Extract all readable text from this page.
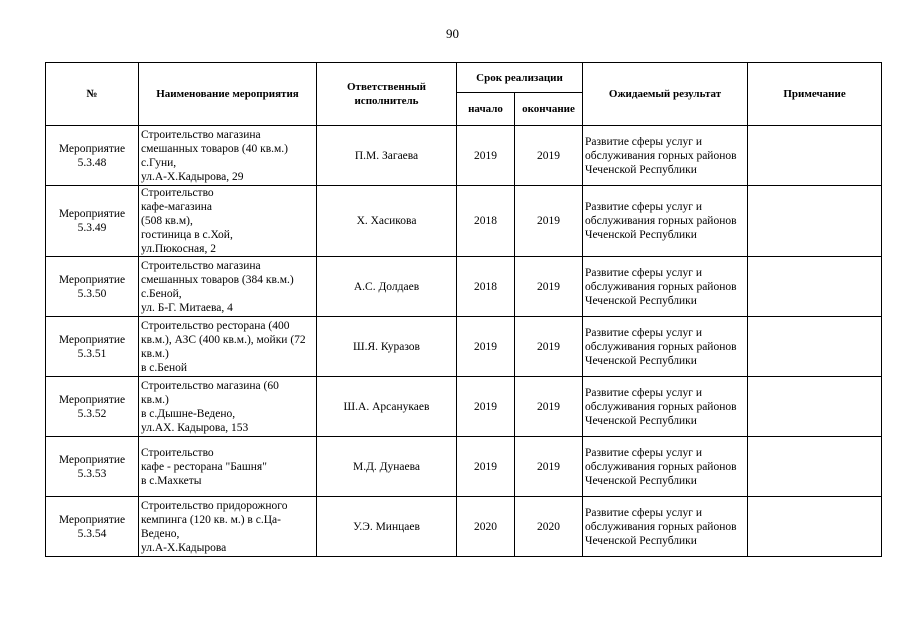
90
№	Наименование мероприятия	Ответственный
исполнитель	Срок реализации		Ожидаемый результат	Примечание
			начало	окончание		

Мероприятие
5.3.48	Строительство магазина
смешанных товаров (40 кв.м.)
с.Гуни,
ул.А-Х.Кадырова, 29	П.М. Загаева	2019	2019	Развитие сферы услуг и
обслуживания горных районов
Чеченской Республики	

Мероприятие
5.3.49	Строительство
кафе-магазина
(508 кв.м),
гостиница в с.Хой,
ул.Пюкосная, 2	Х. Хасикова	2018	2019	Развитие сферы услуг и
обслуживания горных районов
Чеченской Республики	

Мероприятие
5.3.50	Строительство магазина
смешанных товаров (384 кв.м.)
с.Беной,
ул. Б-Г. Митаева, 4	А.С. Долдаев	2018	2019	Развитие сферы услуг и
обслуживания горных районов
Чеченской Республики	

Мероприятие
5.3.51	Строительство ресторана (400
кв.м.), АЗС (400 кв.м.), мойки (72
кв.м.)
в с.Беной	Ш.Я. Куразов	2019	2019	Развитие сферы услуг и
обслуживания горных районов
Чеченской Республики	

Мероприятие
5.3.52	Строительство магазина (60
кв.м.)
в с.Дышне-Ведено,
ул.АХ. Кадырова, 153	Ш.А. Арсанукаев	2019	2019	Развитие сферы услуг и
обслуживания горных районов
Чеченской Республики	

Мероприятие
5.3.53	Строительство
кафе - ресторана "Башня"
в с.Махкеты	М.Д. Дунаева	2019	2019	Развитие сферы услуг и
обслуживания горных районов
Чеченской Республики	

Мероприятие
5.3.54	Строительство придорожного
кемпинга (120 кв. м.) в с.Ца-
Ведено,
ул.А-Х.Кадырова	У.Э. Минцаев	2020	2020	Развитие сферы услуг и
обслуживания горных районов
Чеченской Республики	
